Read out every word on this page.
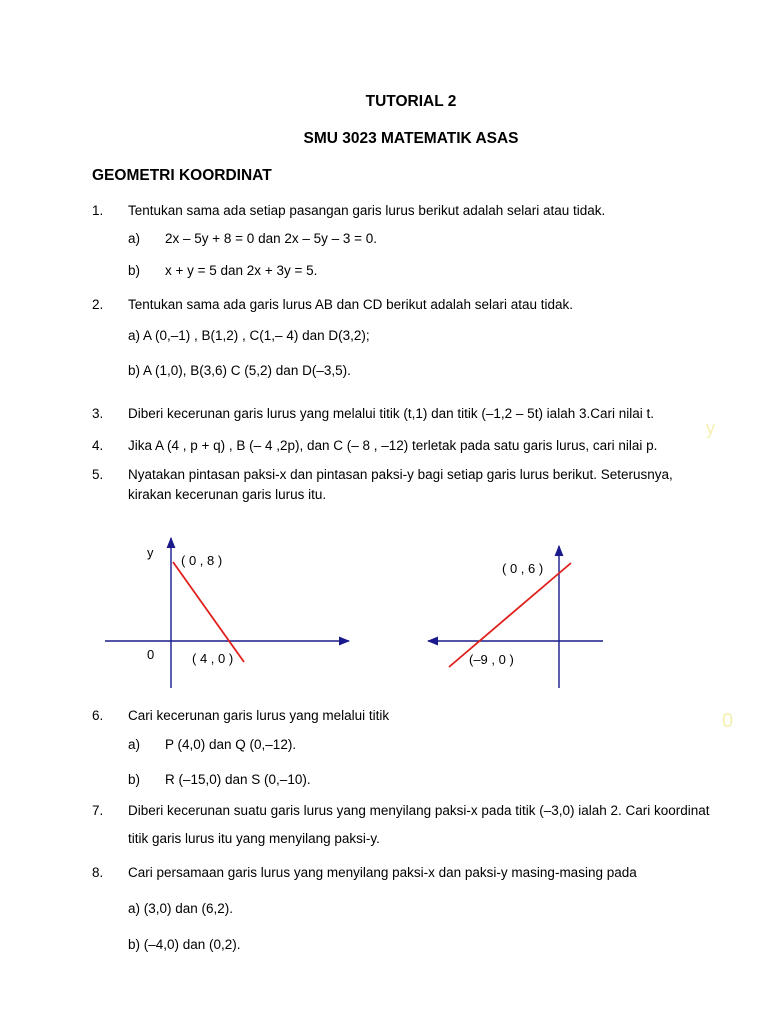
TUTORIAL 2
SMU 3023 MATEMATIK ASAS
GEOMETRI KOORDINAT
1. Tentukan sama ada setiap pasangan garis lurus berikut adalah selari atau tidak.
a) 2x – 5y + 8 = 0 dan 2x – 5y – 3 = 0.
b) x + y = 5 dan 2x + 3y = 5.
2. Tentukan sama ada garis lurus AB dan CD berikut adalah selari atau tidak.
a) A (0,–1) , B(1,2) , C(1,– 4) dan D(3,2);
b) A (1,0), B(3,6) C (5,2) dan D(–3,5).
3. Diberi kecerunan garis lurus yang melalui titik (t,1) dan titik (–1,2 – 5t) ialah 3.Cari nilai t.
4. Jika A (4 , p + q) , B (– 4 ,2p), dan C (– 8 , –12) terletak pada satu garis lurus, cari nilai p.
5. Nyatakan pintasan paksi-x dan pintasan paksi-y bagi setiap garis lurus berikut. Seterusnya,
kirakan kecerunan garis lurus itu.
y
0
( 0 , 8 )
( 4 , 0 )
( 0 , 6 )
(–9 , 0 )
y
0
6. Cari kecerunan garis lurus yang melalui titik
a) P (4,0) dan Q (0,–12).
b) R (–15,0) dan S (0,–10).
7. Diberi kecerunan suatu garis lurus yang menyilang paksi-x pada titik (–3,0) ialah 2. Cari koordinat
titik garis lurus itu yang menyilang paksi-y.
8. Cari persamaan garis lurus yang menyilang paksi-x dan paksi-y masing-masing pada
a) (3,0) dan (6,2).
b) (–4,0) dan (0,2).
